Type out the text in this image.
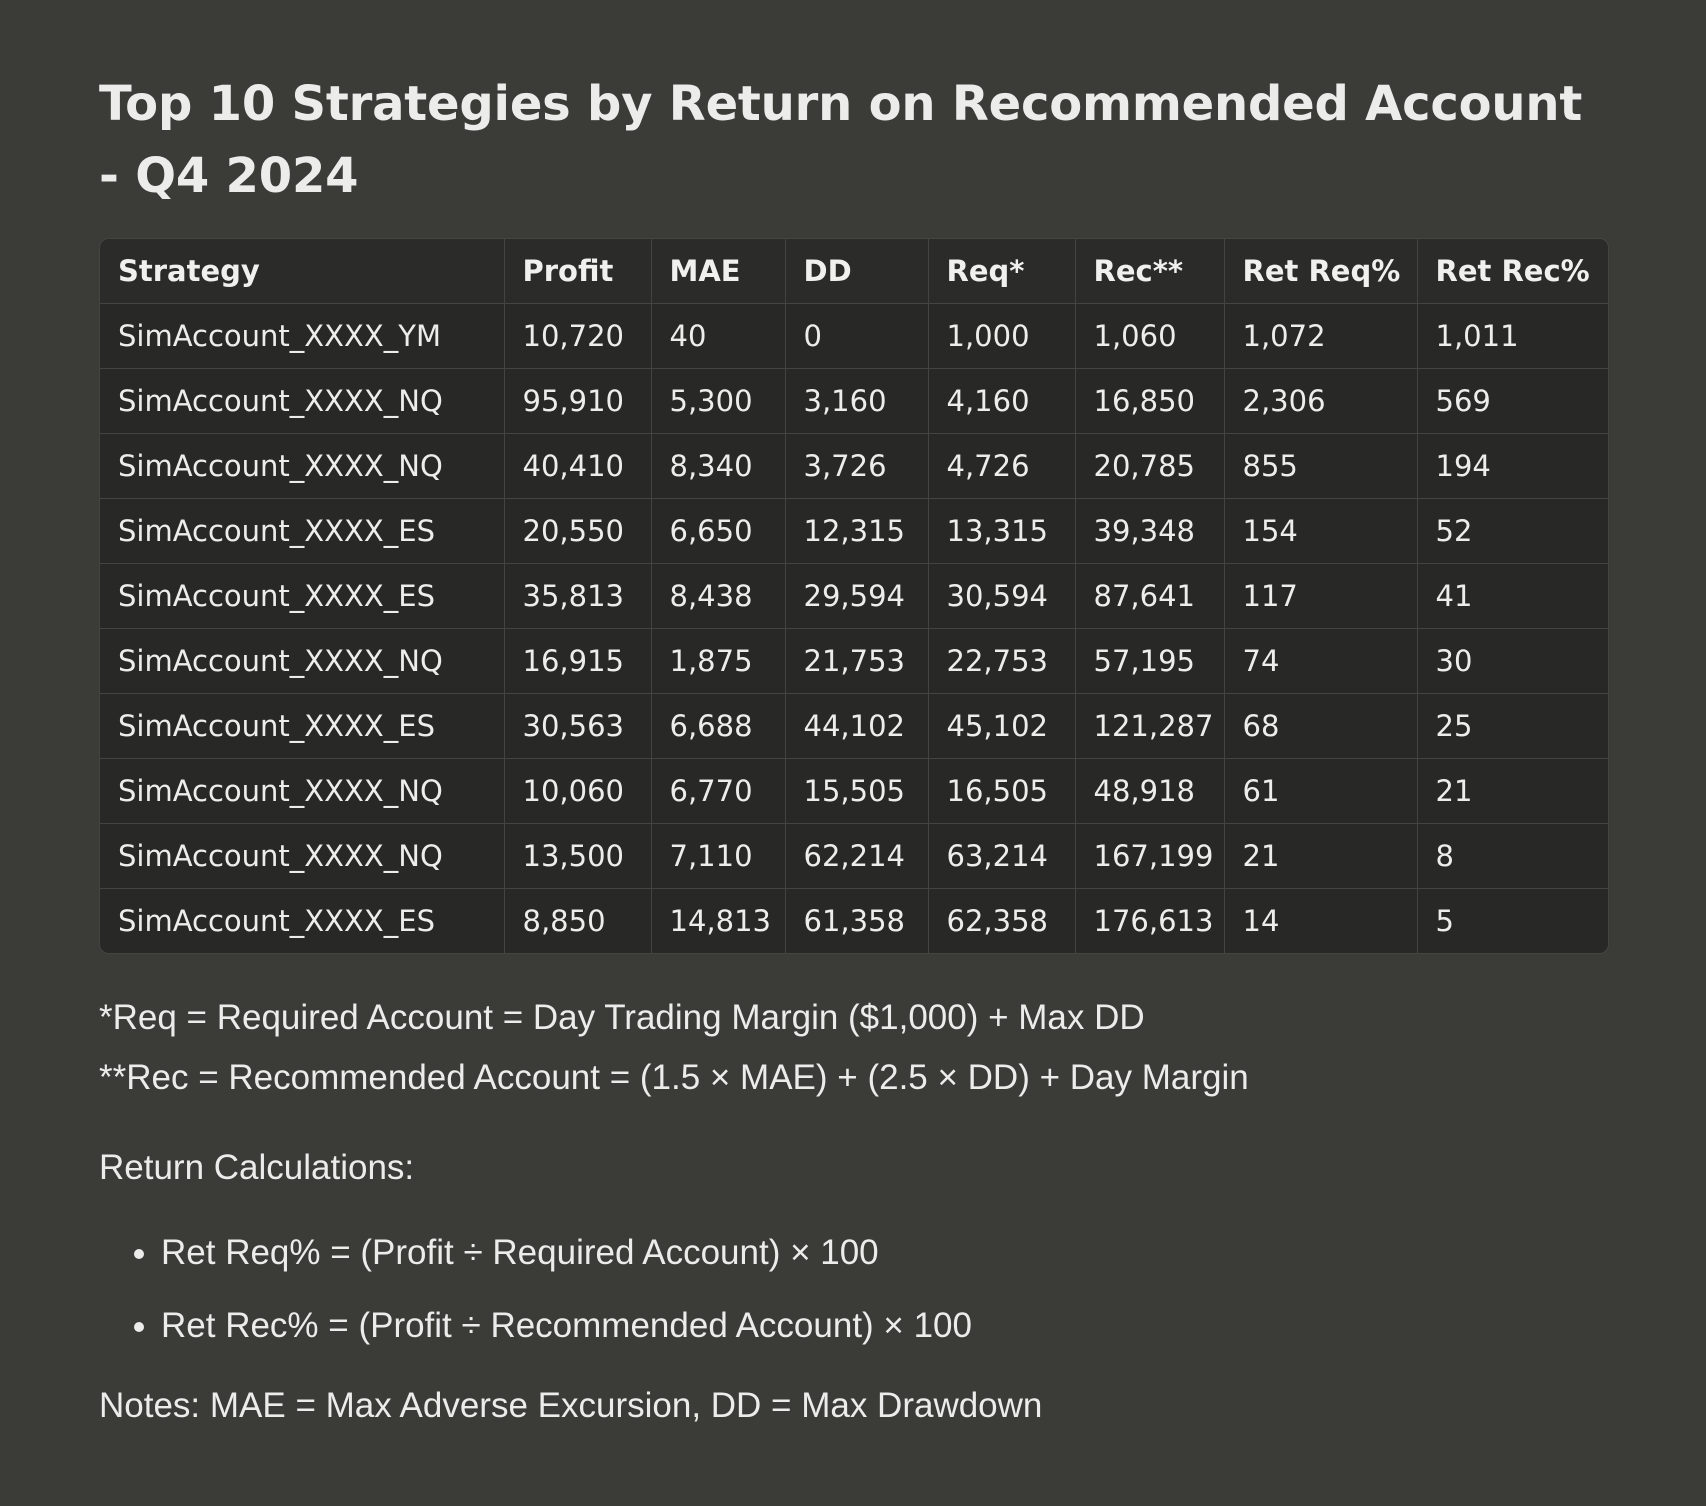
Top 10 Strategies by Return on Recommended Account - Q4 2024
Strategy	Profit	MAE	DD	Req*	Rec**	Ret Req%	Ret Rec%
SimAccount_XXXX_YM	10,720	40	0	1,000	1,060	1,072	1,011
SimAccount_XXXX_NQ	95,910	5,300	3,160	4,160	16,850	2,306	569
SimAccount_XXXX_NQ	40,410	8,340	3,726	4,726	20,785	855	194
SimAccount_XXXX_ES	20,550	6,650	12,315	13,315	39,348	154	52
SimAccount_XXXX_ES	35,813	8,438	29,594	30,594	87,641	117	41
SimAccount_XXXX_NQ	16,915	1,875	21,753	22,753	57,195	74	30
SimAccount_XXXX_ES	30,563	6,688	44,102	45,102	121,287	68	25
SimAccount_XXXX_NQ	10,060	6,770	15,505	16,505	48,918	61	21
SimAccount_XXXX_NQ	13,500	7,110	62,214	63,214	167,199	21	8
SimAccount_XXXX_ES	8,850	14,813	61,358	62,358	176,613	14	5

*Req = Required Account = Day Trading Margin ($1,000) + Max DD

**Rec = Recommended Account = (1.5 × MAE) + (2.5 × DD) + Day Margin

Return Calculations:

• Ret Req% = (Profit ÷ Required Account) × 100
• Ret Rec% = (Profit ÷ Recommended Account) × 100

Notes: MAE = Max Adverse Excursion, DD = Max Drawdown
